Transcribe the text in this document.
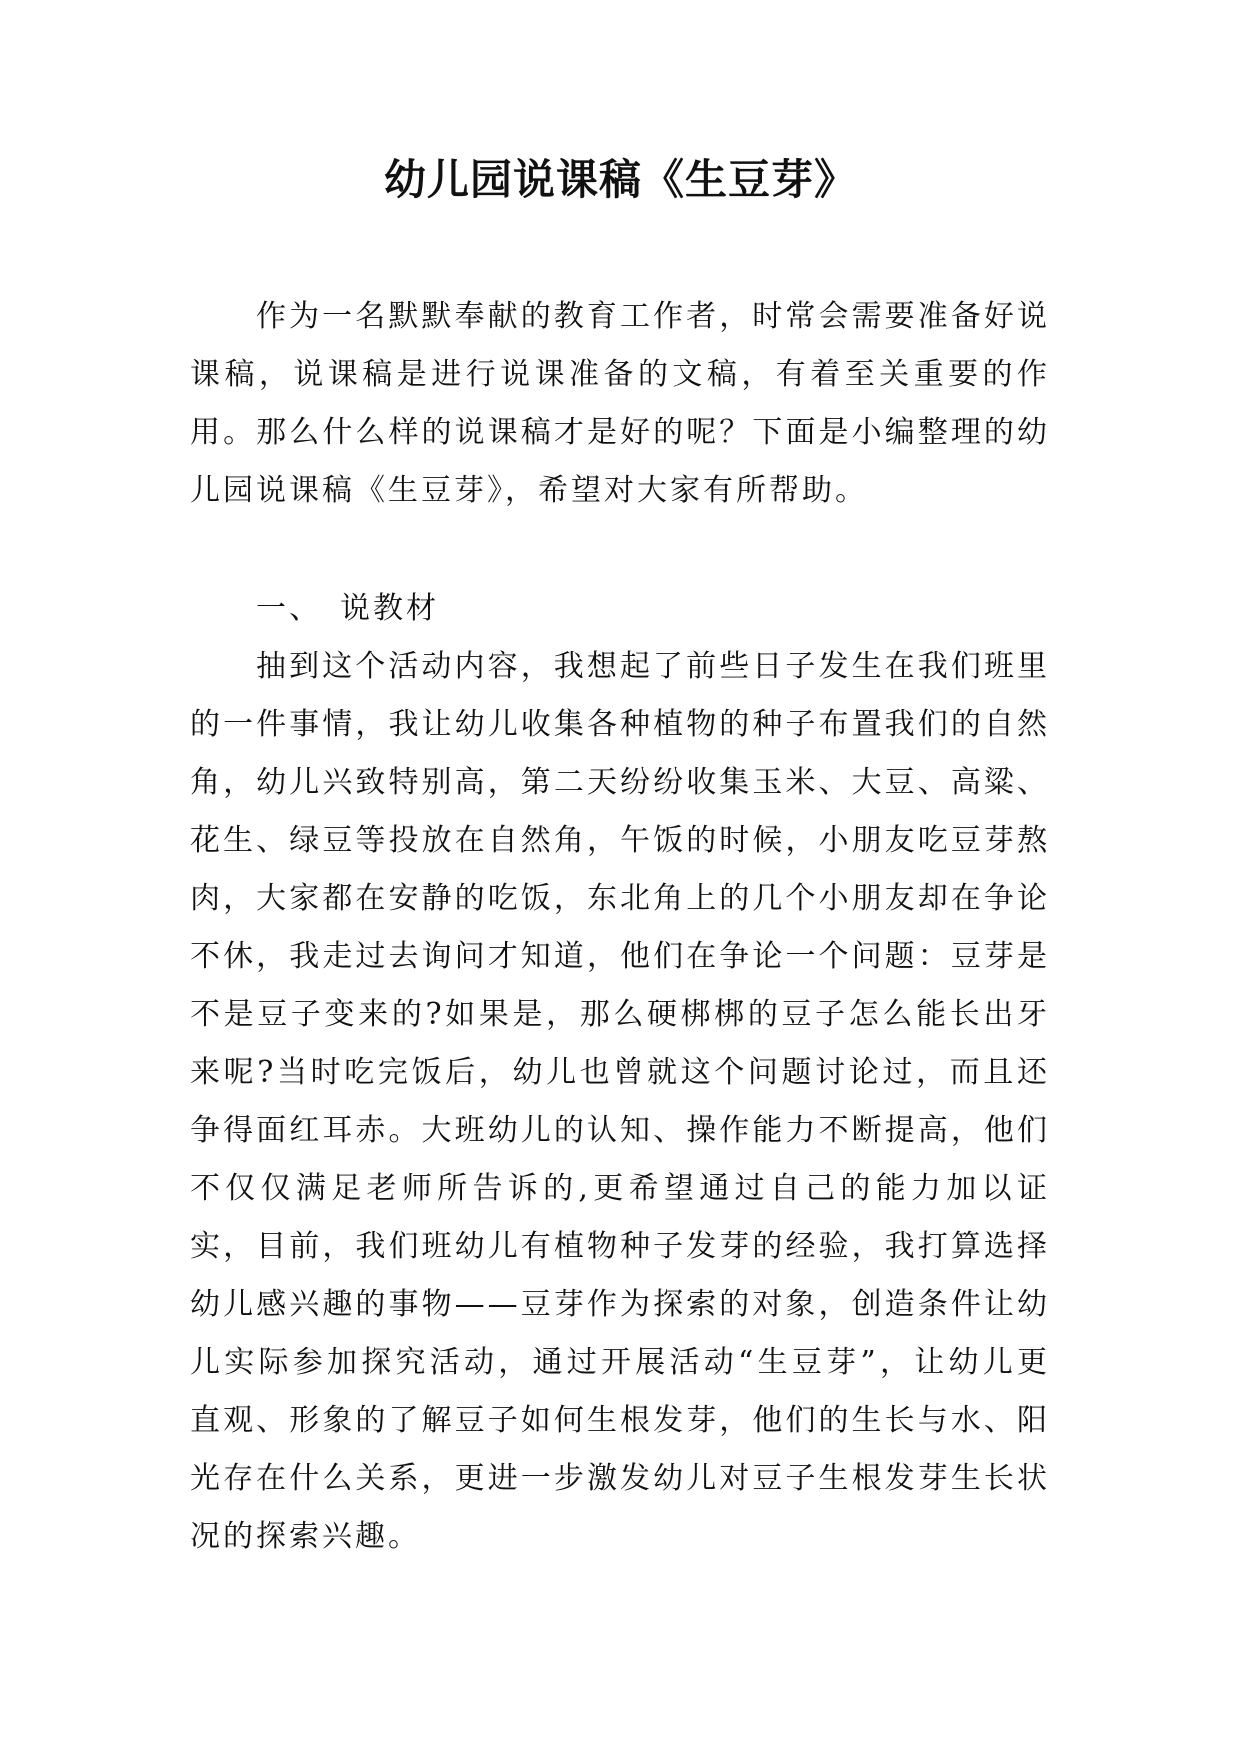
幼儿园说课稿《生豆芽》

作为一名默默奉献的教育工作者，时常会需要准备好说课稿，说课稿是进行说课准备的文稿，有着至关重要的作用。那么什么样的说课稿才是好的呢？下面是小编整理的幼儿园说课稿《生豆芽》，希望对大家有所帮助。

一、 说教材

抽到这个活动内容，我想起了前些日子发生在我们班里的一件事情，我让幼儿收集各种植物的种子布置我们的自然角，幼儿兴致特别高，第二天纷纷收集玉米、大豆、高粱、花生、绿豆等投放在自然角，午饭的时候，小朋友吃豆芽熬肉，大家都在安静的吃饭，东北角上的几个小朋友却在争论不休，我走过去询问才知道，他们在争论一个问题：豆芽是不是豆子变来的?如果是，那么硬梆梆的豆子怎么能长出牙来呢?当时吃完饭后，幼儿也曾就这个问题讨论过，而且还争得面红耳赤。大班幼儿的认知、操作能力不断提高，他们不仅仅满足老师所告诉的,更希望通过自己的能力加以证实，目前，我们班幼儿有植物种子发芽的经验，我打算选择幼儿感兴趣的事物——豆芽作为探索的对象，创造条件让幼儿实际参加探究活动，通过开展活动“生豆芽”，让幼儿更直观、形象的了解豆子如何生根发芽，他们的生长与水、阳光存在什么关系，更进一步激发幼儿对豆子生根发芽生长状况的探索兴趣。
